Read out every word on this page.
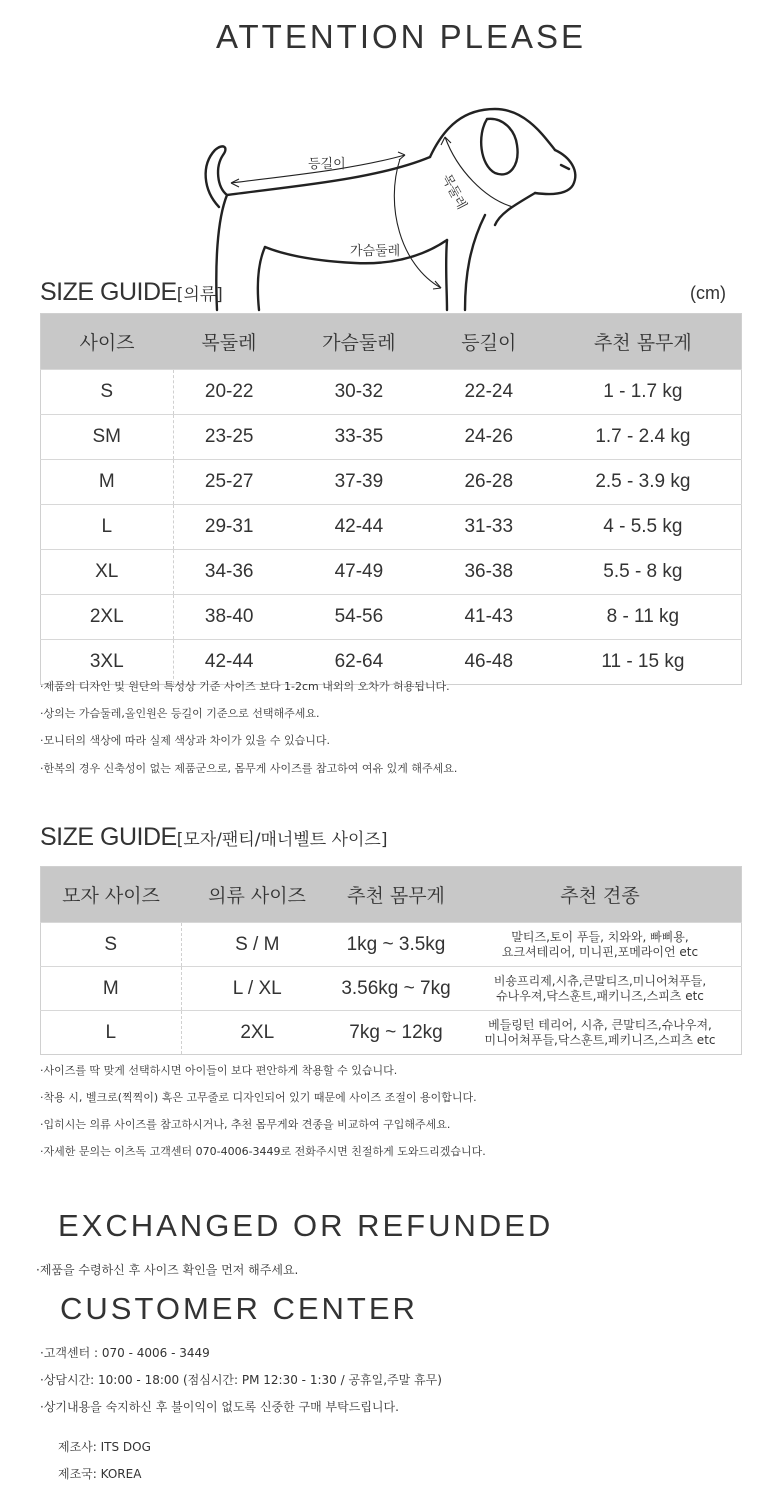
ATTENTION PLEASE
등길이
목둘레
가슴둘레
SIZE GUIDE[의류]	(cm)
사이즈	목둘레	가슴둘레	등길이	추천 몸무게
S	20-22	30-32	22-24	1 - 1.7 kg
SM	23-25	33-35	24-26	1.7 - 2.4 kg
M	25-27	37-39	26-28	2.5 - 3.9 kg
L	29-31	42-44	31-33	4 - 5.5 kg
XL	34-36	47-49	36-38	5.5 - 8 kg
2XL	38-40	54-56	41-43	8 - 11 kg
3XL	42-44	62-64	46-48	11 - 15 kg
·제품의 디자인 및 원단의 특성상 기준 사이즈 보다 1-2cm 내외의 오차가 허용됩니다.
·상의는 가슴둘레,올인원은 등길이 기준으로 선택해주세요.
·모니터의 색상에 따라 실제 색상과 차이가 있을 수 있습니다.
·한복의 경우 신축성이 없는 제품군으로, 몸무게 사이즈를 참고하여 여유 있게 해주세요.
SIZE GUIDE[모자/팬티/매너벨트 사이즈]
모자 사이즈	의류 사이즈	추천 몸무게	추천 견종
S	S / M	1kg ~ 3.5kg	말티즈,토이 푸들, 치와와, 빠삐용,
요크셔테리어, 미니핀,포메라이언 etc

M	L / XL	3.56kg ~ 7kg	비숑프리제,시츄,큰말티즈,미니어쳐푸들,
슈나우져,닥스훈트,패키니즈,스피츠 etc

L	2XL	7kg ~ 12kg	베들링턴 테리어, 시츄, 큰말티즈,슈나우져,
미니어쳐푸들,닥스훈트,페키니즈,스피츠 etc
·사이즈를 딱 맞게 선택하시면 아이들이 보다 편안하게 착용할 수 있습니다.
·착용 시, 벨크로(찍찍이) 혹은 고무줄로 디자인되어 있기 때문에 사이즈 조절이 용이합니다.
·입히시는 의류 사이즈를 참고하시거나, 추천 몸무게와 견종을 비교하여 구입해주세요.
·자세한 문의는 이츠독 고객센터 070-4006-3449로 전화주시면 친절하게 도와드리겠습니다.
EXCHANGED OR REFUNDED
·제품을 수령하신 후 사이즈 확인을 먼저 해주세요.
CUSTOMER CENTER
·고객센터 : 070 - 4006 - 3449
·상담시간: 10:00 - 18:00 (점심시간: PM 12:30 - 1:30 / 공휴일,주말 휴무)
·상기내용을 숙지하신 후 불이익이 없도록 신중한 구매 부탁드립니다.
제조사: ITS DOG
제조국: KOREA
